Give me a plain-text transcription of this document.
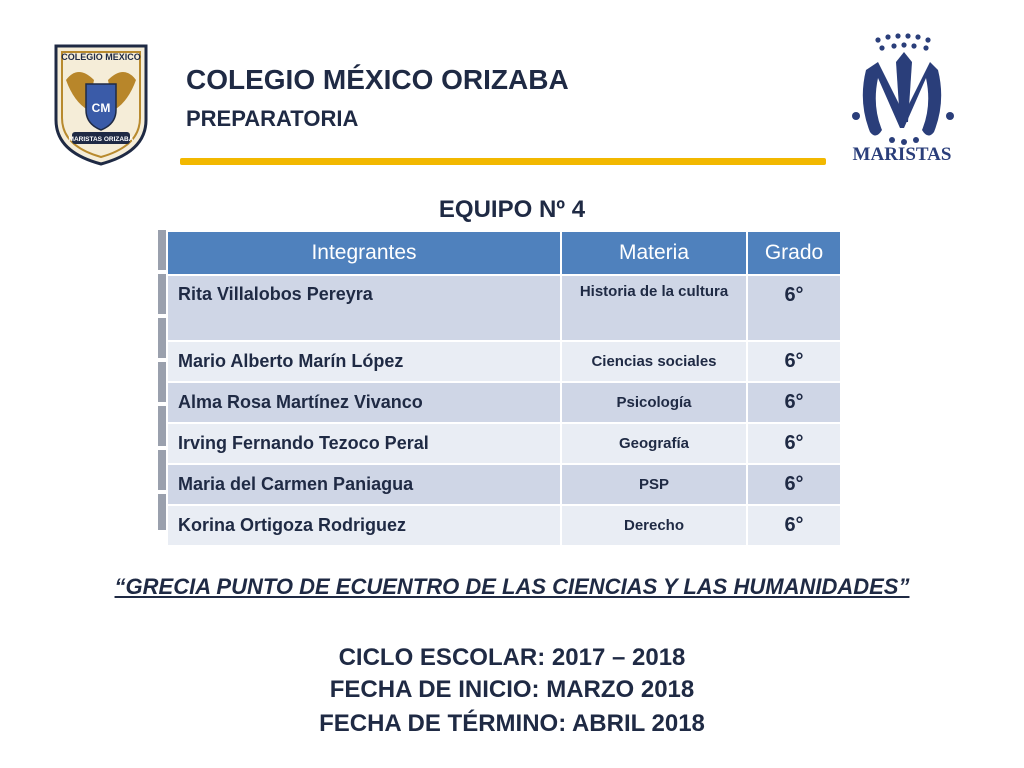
COLEGIO MEXICO
CM
MARISTAS ORIZABA
COLEGIO MÉXICO ORIZABA
PREPARATORIA
MARISTAS
EQUIPO Nº 4
Integrantes	Materia	Grado
Rita Villalobos Pereyra	Historia de la cultura	6°
Mario Alberto Marín López	Ciencias sociales	6°
Alma Rosa Martínez Vivanco	Psicología	6°
Irving Fernando Tezoco Peral	Geografía	6°
Maria del Carmen Paniagua	PSP	6°
Korina Ortigoza Rodriguez	Derecho	6°
“GRECIA PUNTO DE ECUENTRO DE LAS CIENCIAS Y LAS HUMANIDADES”
CICLO ESCOLAR: 2017 – 2018
FECHA DE INICIO: MARZO 2018
FECHA DE TÉRMINO: ABRIL 2018
